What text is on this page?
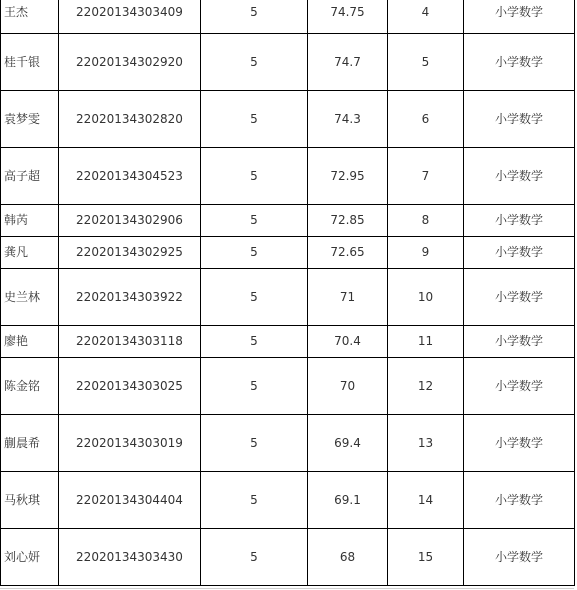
王杰	22020134303409	5	74.75	4	小学数学
桂千银	22020134302920	5	74.7	5	小学数学
袁梦雯	22020134302820	5	74.3	6	小学数学
高子超	22020134304523	5	72.95	7	小学数学
韩芮	22020134302906	5	72.85	8	小学数学
龚凡	22020134302925	5	72.65	9	小学数学
史兰林	22020134303922	5	71	10	小学数学
廖艳	22020134303118	5	70.4	11	小学数学
陈金铭	22020134303025	5	70	12	小学数学
蒯晨希	22020134303019	5	69.4	13	小学数学
马秋琪	22020134304404	5	69.1	14	小学数学
刘心妍	22020134303430	5	68	15	小学数学
